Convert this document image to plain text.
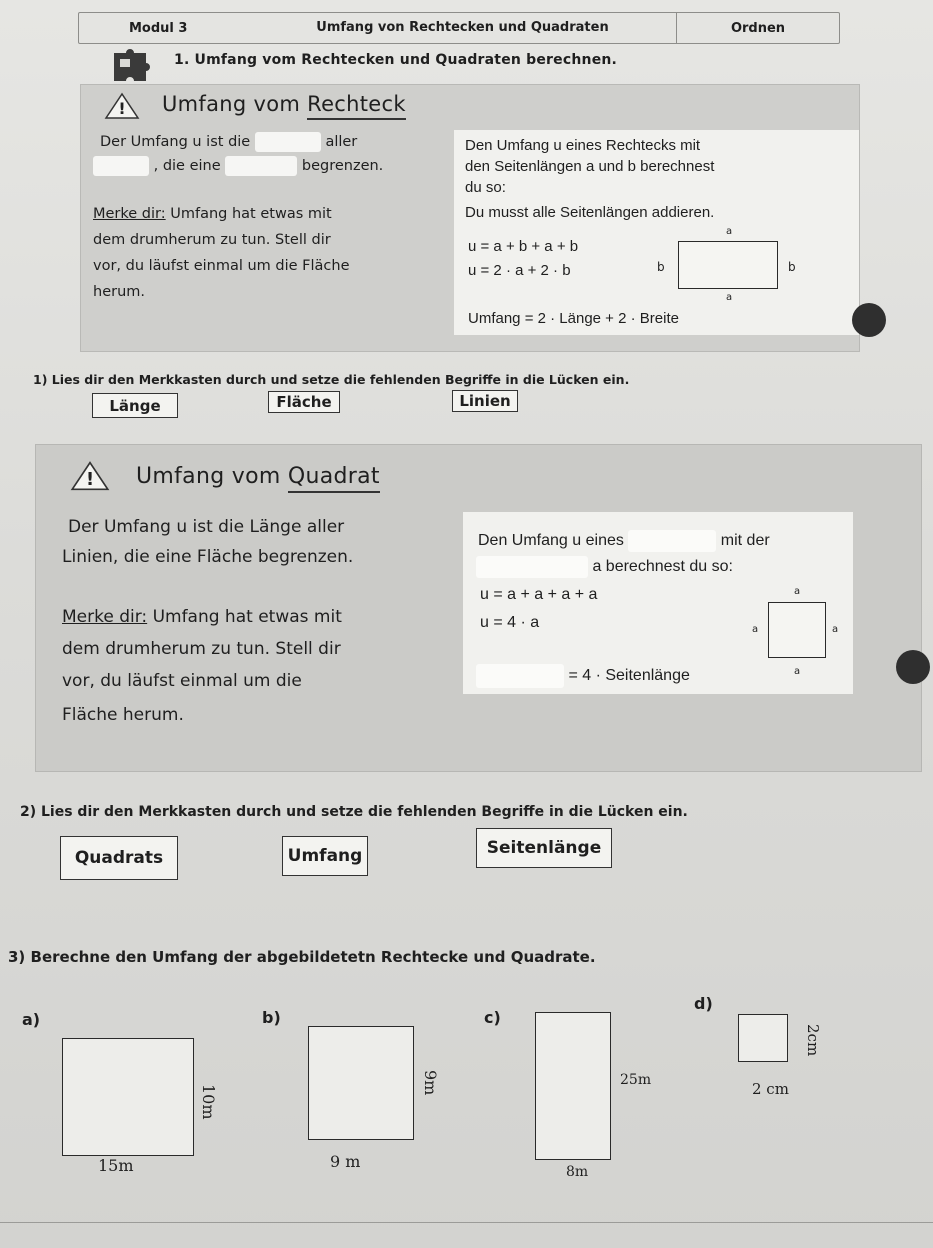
Modul 3	Umfang von Rechtecken und Quadraten	Ordnen
1. Umfang vom Rechtecken und Quadraten berechnen.
! Umfang vom Rechteck
Der Umfang u ist die	aller
, die eine	begrenzen.
Merke dir: Umfang hat etwas mit
dem drumherum zu tun. Stell dir
vor, du läufst einmal um die Fläche
herum.
Den Umfang u eines Rechtecks mit
den Seitenlängen a und b berechnest
du so:
Du musst alle Seitenlängen addieren.
u = a + b + a + b
u = 2 · a + 2 · b
Umfang = 2 · Länge + 2 · Breite
a
a
b	b
1) Lies dir den Merkkasten durch und setze die fehlenden Begriffe in die Lücken ein.
Länge	Fläche	Linien
! Umfang vom Quadrat
Der Umfang u ist die Länge aller
Linien, die eine Fläche begrenzen.
Merke dir: Umfang hat etwas mit
dem drumherum zu tun. Stell dir
vor, du läufst einmal um die
Fläche herum.
Den Umfang u eines	mit der
a berechnest du so:
u = a + a + a + a
u = 4 · a
= 4 · Seitenlänge
a
a
a	a
2) Lies dir den Merkkasten durch und setze die fehlenden Begriffe in die Lücken ein.
Quadrats	Umfang	Seitenlänge
3) Berechne den Umfang der abgebildetetn Rechtecke und Quadrate.
a)
15m
10m
b)
9 m
9m
c)
8m
25m
d)
2 cm
2cm
